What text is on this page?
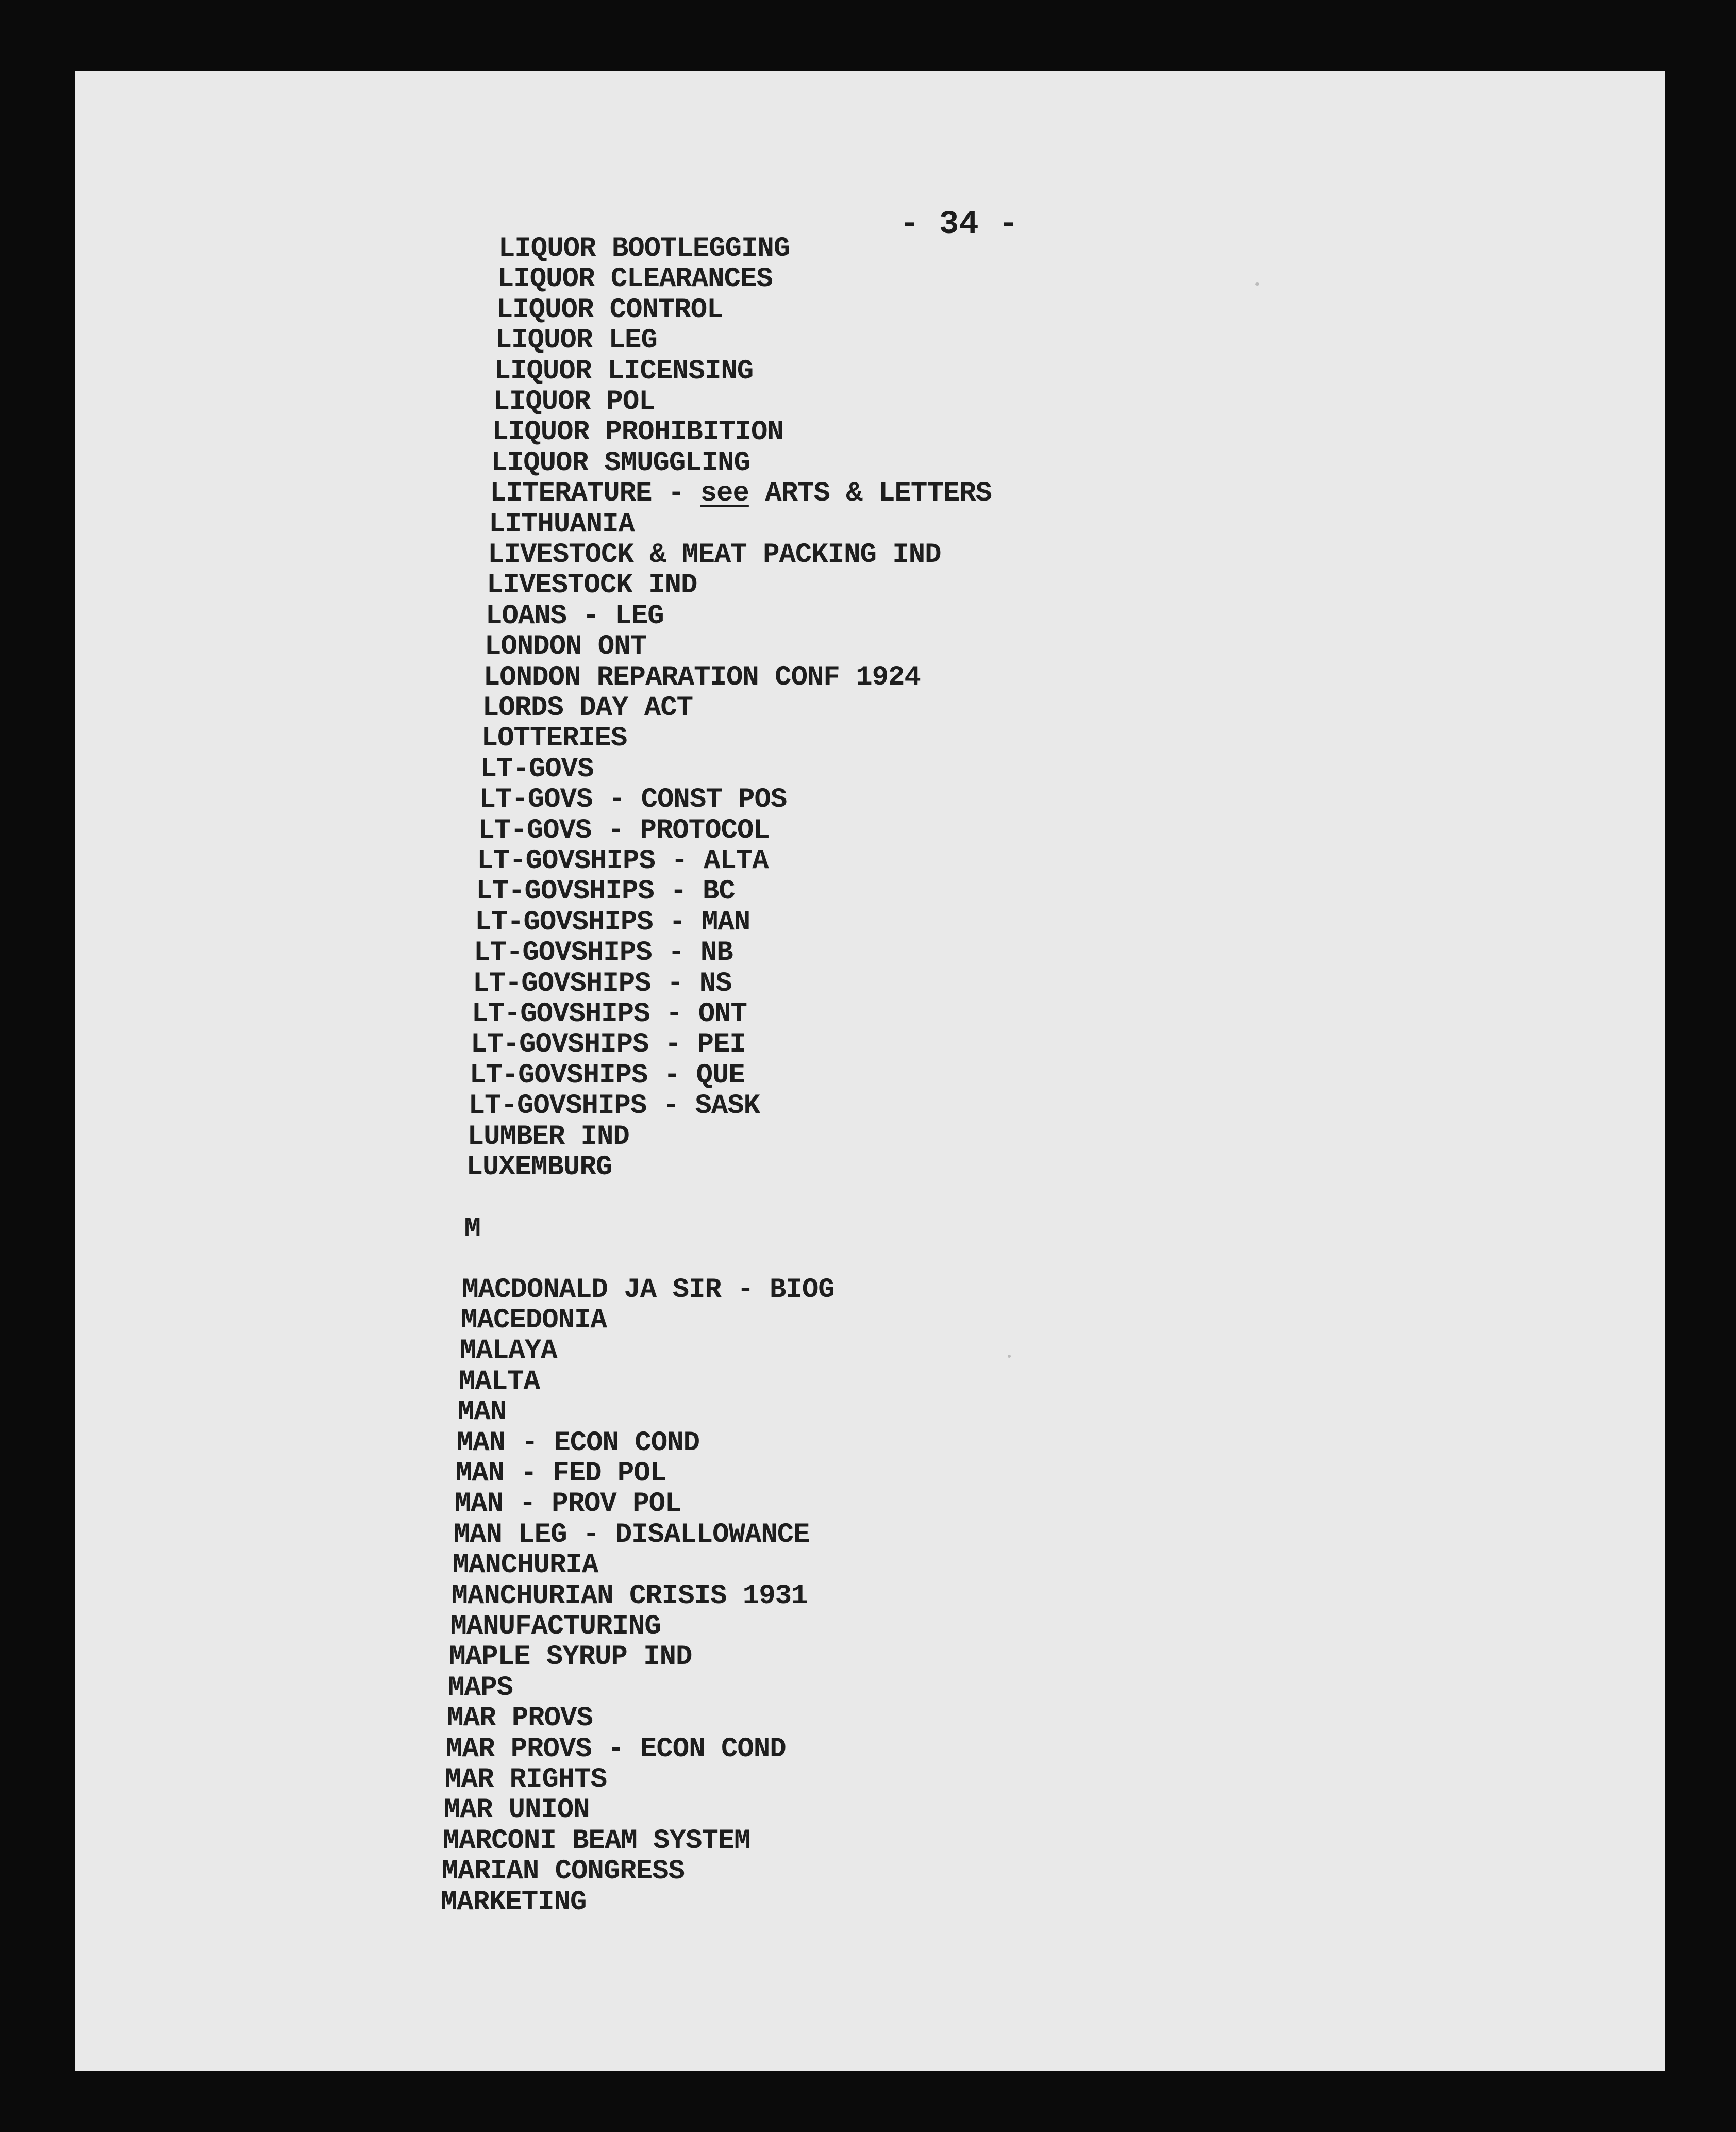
- 34 -
LIQUOR BOOTLEGGING
LIQUOR CLEARANCES
LIQUOR CONTROL
LIQUOR LEG
LIQUOR LICENSING
LIQUOR POL
LIQUOR PROHIBITION
LIQUOR SMUGGLING
LITERATURE - see ARTS & LETTERS
LITHUANIA
LIVESTOCK & MEAT PACKING IND
LIVESTOCK IND
LOANS - LEG
LONDON ONT
LONDON REPARATION CONF 1924
LORDS DAY ACT
LOTTERIES
LT-GOVS
LT-GOVS - CONST POS
LT-GOVS - PROTOCOL
LT-GOVSHIPS - ALTA
LT-GOVSHIPS - BC
LT-GOVSHIPS - MAN
LT-GOVSHIPS - NB
LT-GOVSHIPS - NS
LT-GOVSHIPS - ONT
LT-GOVSHIPS - PEI
LT-GOVSHIPS - QUE
LT-GOVSHIPS - SASK
LUMBER IND
LUXEMBURG
M
MACDONALD JA SIR - BIOG
MACEDONIA
MALAYA
MALTA
MAN
MAN - ECON COND
MAN - FED POL
MAN - PROV POL
MAN LEG - DISALLOWANCE
MANCHURIA
MANCHURIAN CRISIS 1931
MANUFACTURING
MAPLE SYRUP IND
MAPS
MAR PROVS
MAR PROVS - ECON COND
MAR RIGHTS
MAR UNION
MARCONI BEAM SYSTEM
MARIAN CONGRESS
MARKETING
